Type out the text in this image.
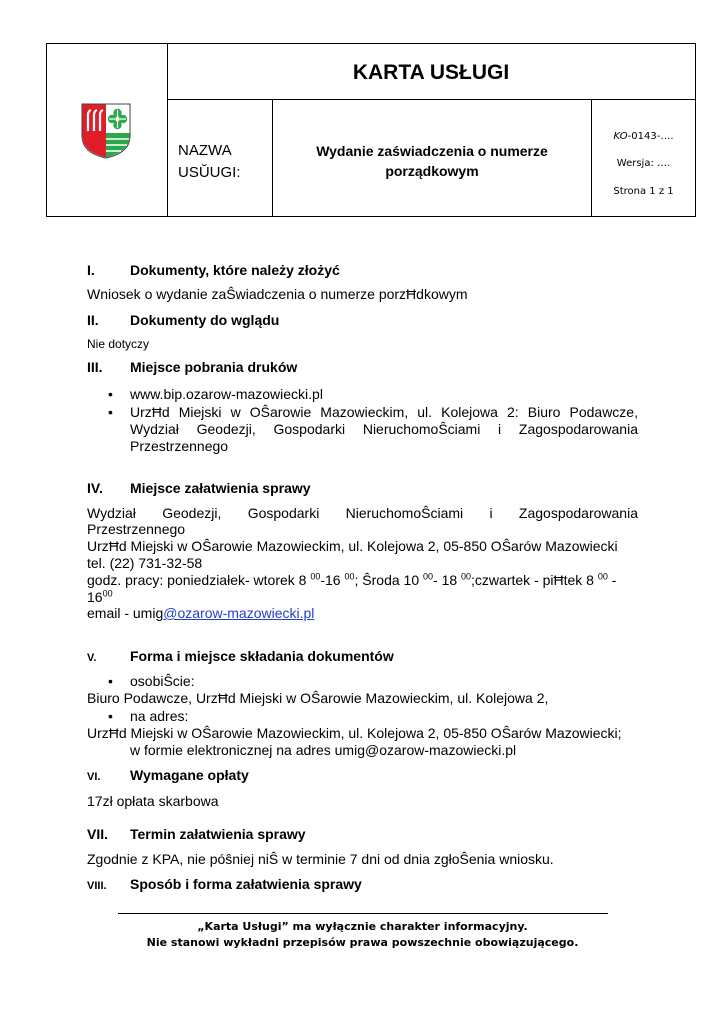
KARTA USŁUGI
NAZWA
USŬUGI:
Wydanie zaświadczenia o numerze
porządkowym
KO-0143-….
Wersja: ….
Strona 1 z 1
I.	Dokumenty, które należy złożyć
Wniosek o wydanie zaŜwiadczenia o numerze porzĦdkowym
II. Dokumenty do wglądu
Nie dotyczy
III. Miejsce pobrania druków
• www.bip.ozarow-mazowiecki.pl
• UrzĦd Miejski w OŜarowie Mazowieckim, ul. Kolejowa 2: Biuro Podawcze,
Wydział Geodezji, Gospodarki NieruchomoŜciami i Zagospodarowania
Przestrzennego
IV. Miejsce załatwienia sprawy
Wydział Geodezji, Gospodarki NieruchomoŜciami i Zagospodarowania
Przestrzennego
UrzĦd Miejski w OŜarowie Mazowieckim, ul. Kolejowa 2, 05-850 OŜarów Mazowiecki
tel. (22) 731-32-58
godz. pracy: poniedziałek- wtorek 8 $^{00}$-16 $^{00}$; Ŝroda 10 $^{00}$- 18 $^{00}$;czwartek - piĦtek 8 $^{00}$ -
$16^{00}$
email - umig@ozarow-mazowiecki.pl
V. Forma i miejsce składania dokumentów
• osobiŜcie:
Biuro Podawcze, UrzĦd Miejski w OŜarowie Mazowieckim, ul. Kolejowa 2,
• na adres:
UrzĦd Miejski w OŜarowie Mazowieckim, ul. Kolejowa 2, 05-850 OŜarów Mazowiecki;
w formie elektronicznej na adres umig@ozarow-mazowiecki.pl
VI. Wymagane opłaty
17zł opłata skarbowa
VII. Termin załatwienia sprawy
Zgodnie z KPA, nie póŝniej niŜ w terminie 7 dni od dnia zgłoŜenia wniosku.
VIII. Sposób i forma załatwienia sprawy
„Karta Usługi” ma wyłącznie charakter informacyjny.
Nie stanowi wykładni przepisów prawa powszechnie obowiązującego.
